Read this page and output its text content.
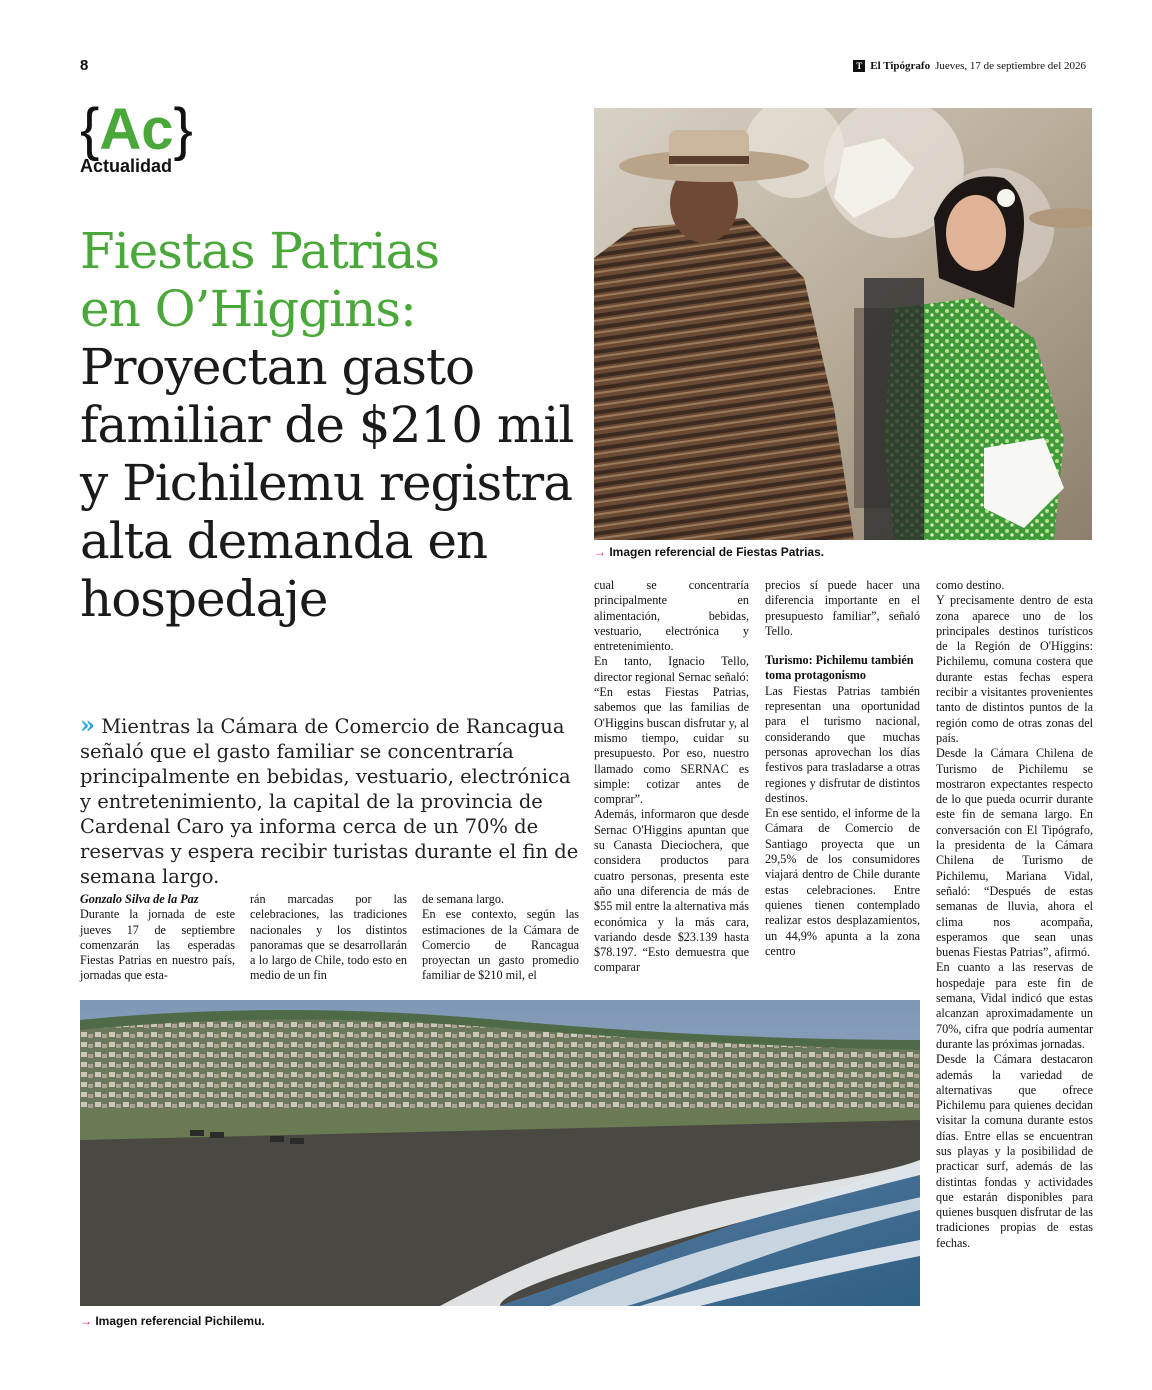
8	T El Tipógrafo Jueves, 17 de septiembre del 2026
{Ac}
Actualidad
Fiestas Patrias
en O’Higgins:
Proyectan gasto
familiar de $210 mil
y Pichilemu registra
alta demanda en
hospedaje
» Mientras la Cámara de Comercio de Rancagua señaló que el gasto familiar se concentraría principalmente en bebidas, vestuario, electrónica y entretenimiento, la capital de la provincia de Cardenal Caro ya informa cerca de un 70% de reservas y espera recibir turistas durante el fin de semana largo.
→ Imagen referencial de Fiestas Patrias.

Gonzalo Silva de la Paz

Durante la jornada de este jueves 17 de septiembre comenzarán las esperadas Fiestas Patrias en nuestro país, jornadas que esta-

rán marcadas por las celebraciones, las tradiciones nacionales y los distintos panoramas que se desarrollarán a lo largo de Chile, todo esto en medio de un fin

de semana largo.

En ese contexto, según las estimaciones de la Cámara de Comercio de Rancagua proyectan un gasto promedio familiar de $210 mil, el

cual se concentraría principalmente en alimentación, bebidas, vestuario, electrónica y entretenimiento.

En tanto, Ignacio Tello, director regional Sernac señaló: “En estas Fiestas Patrias, sabemos que las familias de O'Higgins buscan disfrutar y, al mismo tiempo, cuidar su presupuesto. Por eso, nuestro llamado como SERNAC es simple: cotizar antes de comprar”.

Además, informaron que desde Sernac O'Higgins apuntan que su Canasta Dieciochera, que considera productos para cuatro personas, presenta este año una diferencia de más de $55 mil entre la alternativa más económica y la más cara, variando desde $23.139 hasta $78.197. “Esto demuestra que comparar

precios sí puede hacer una diferencia importante en el presupuesto familiar”, señaló Tello.

Turismo: Pichilemu también toma protagonismo

Las Fiestas Patrias también representan una oportunidad para el turismo nacional, considerando que muchas personas aprovechan los días festivos para trasladarse a otras regiones y disfrutar de distintos destinos.

En ese sentido, el informe de la Cámara de Comercio de Santiago proyecta que un 29,5% de los consumidores viajará dentro de Chile durante estas celebraciones. Entre quienes tienen contemplado realizar estos desplazamientos, un 44,9% apunta a la zona centro

como destino.

Y precisamente dentro de esta zona aparece uno de los principales destinos turísticos de la Región de O'Higgins: Pichilemu, comuna costera que durante estas fechas espera recibir a visitantes provenientes tanto de distintos puntos de la región como de otras zonas del país.

Desde la Cámara Chilena de Turismo de Pichilemu se mostraron expectantes respecto de lo que pueda ocurrir durante este fin de semana largo. En conversación con El Tipógrafo, la presidenta de la Cámara Chilena de Turismo de Pichilemu, Mariana Vidal, señaló: “Después de estas semanas de lluvia, ahora el clima nos acompaña, esperamos que sean unas buenas Fiestas Patrias”, afirmó.

En cuanto a las reservas de hospedaje para este fin de semana, Vidal indicó que estas alcanzan aproximadamente un 70%, cifra que podría aumentar durante las próximas jornadas.

Desde la Cámara destacaron además la variedad de alternativas que ofrece Pichilemu para quienes decidan visitar la comuna durante estos días. Entre ellas se encuentran sus playas y la posibilidad de practicar surf, además de las distintas fondas y actividades que estarán disponibles para quienes busquen disfrutar de las tradiciones propias de estas fechas.

→ Imagen referencial Pichilemu.
